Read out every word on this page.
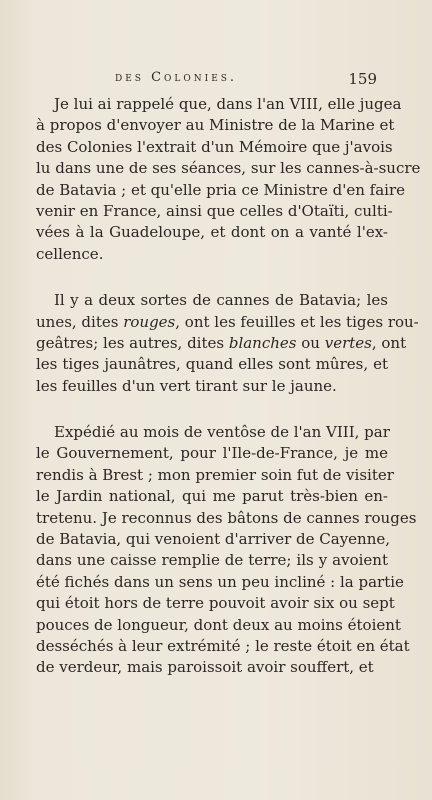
des Colonies.	159

Je lui ai rappelé que, dans l'an VIII, elle jugea
à propos d'envoyer au Ministre de la Marine et
des Colonies l'extrait d'un Mémoire que j'avois
lu dans une de ses séances, sur les cannes-à-sucre
de Batavia ; et qu'elle pria ce Ministre d'en faire
venir en France, ainsi que celles d'Otaïti, culti-
vées à la Guadeloupe, et dont on a vanté l'ex-
cellence.

Il y a deux sortes de cannes de Batavia; les
unes, dites rouges, ont les feuilles et les tiges rou-
geâtres; les autres, dites blanches ou vertes, ont
les tiges jaunâtres, quand elles sont mûres, et
les feuilles d'un vert tirant sur le jaune.

Expédié au mois de ventôse de l'an VIII, par
le Gouvernement, pour l'Ile-de-France, je me
rendis à Brest ; mon premier soin fut de visiter
le Jardin national, qui me parut très-bien en-
tretenu. Je reconnus des bâtons de cannes rouges
de Batavia, qui venoient d'arriver de Cayenne,
dans une caisse remplie de terre; ils y avoient
été fichés dans un sens un peu incliné : la partie
qui étoit hors de terre pouvoit avoir six ou sept
pouces de longueur, dont deux au moins étoient
desséchés à leur extrémité ; le reste étoit en état
de verdeur, mais paroissoit avoir souffert, et
